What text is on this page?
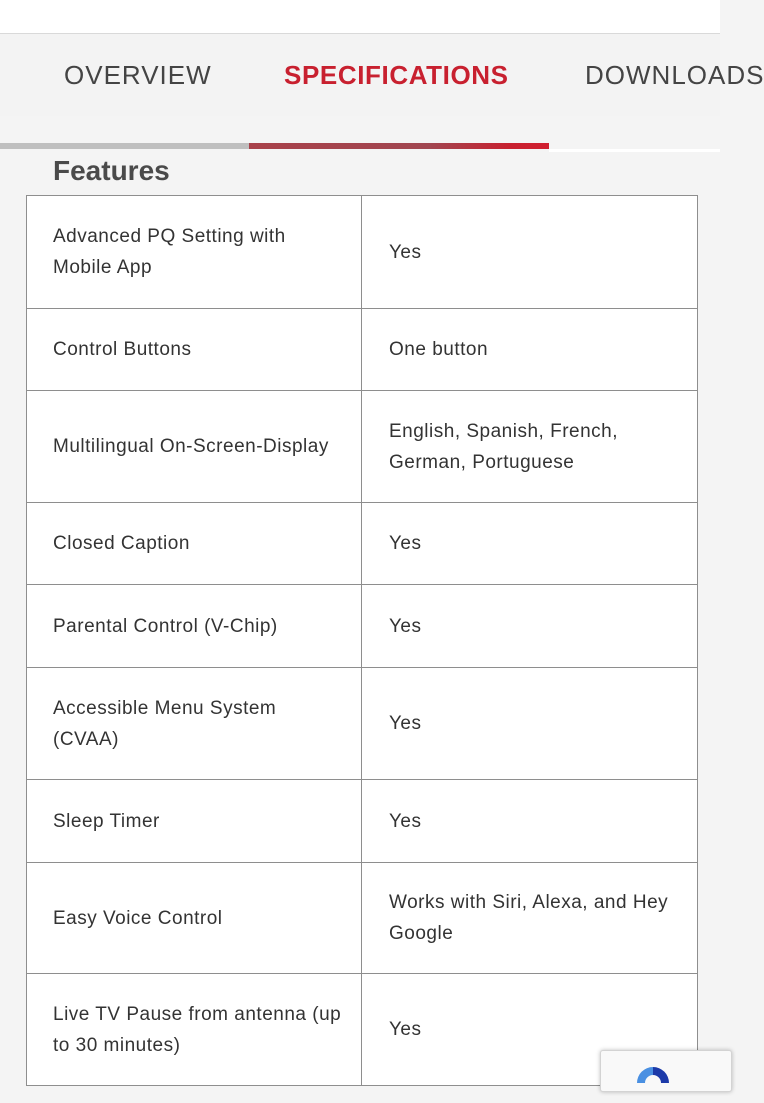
OVERVIEW	SPECIFICATIONS	DOWNLOADS
Features
Advanced PQ Setting with Mobile App	Yes
Control Buttons	One button
Multilingual On-Screen-Display	English, Spanish, French, German, Portuguese
Closed Caption	Yes
Parental Control (V-Chip)	Yes
Accessible Menu System (CVAA)	Yes
Sleep Timer	Yes
Easy Voice Control	Works with Siri, Alexa, and Hey Google
Live TV Pause from antenna (up to 30 minutes)	Yes
